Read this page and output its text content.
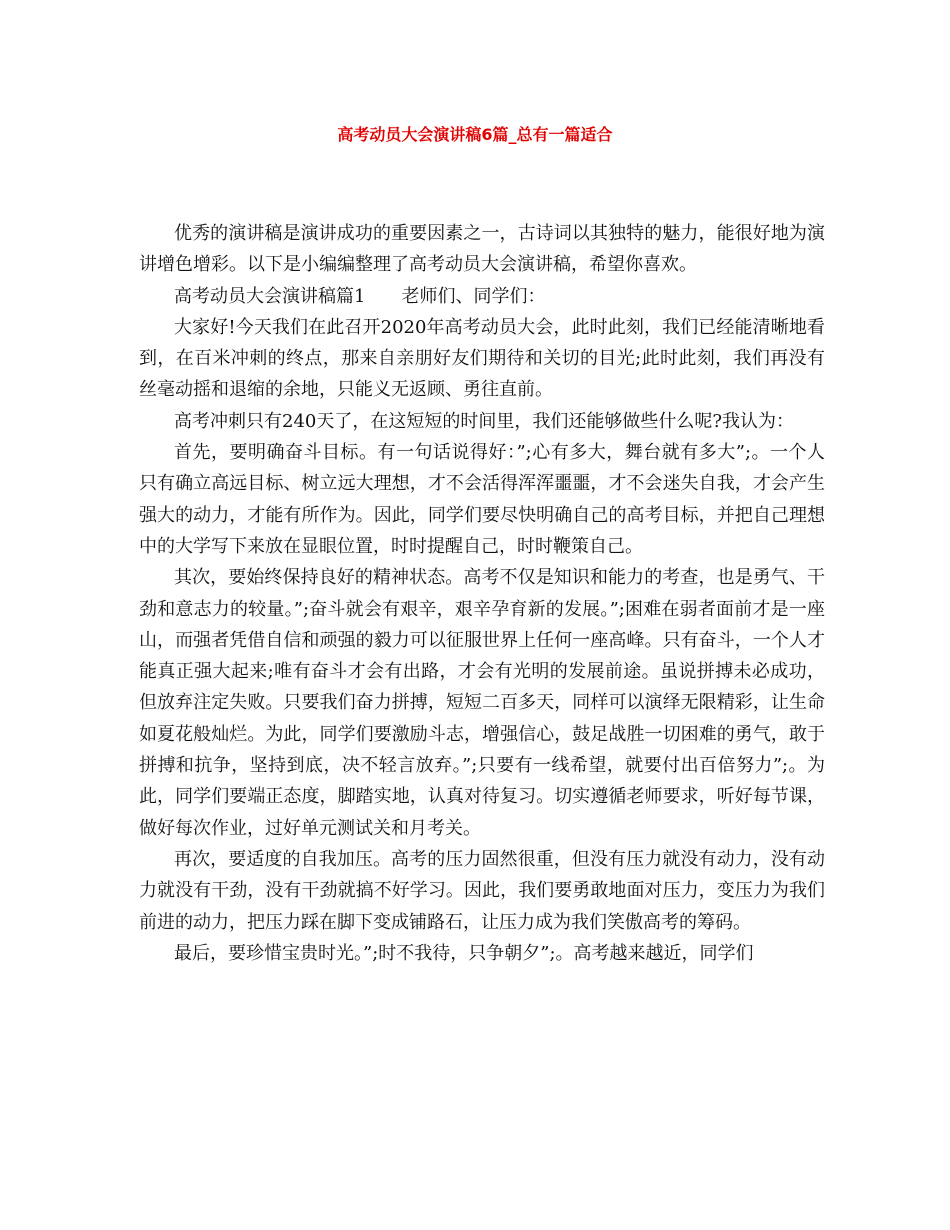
高考动员大会演讲稿6篇_总有一篇适合

优秀的演讲稿是演讲成功的重要因素之一，古诗词以其独特的魅力，能很好地为演讲增色增彩。以下是小编编整理了高考动员大会演讲稿，希望你喜欢。

高考动员大会演讲稿篇1　　老师们、同学们：

大家好!今天我们在此召开2020年高考动员大会，此时此刻，我们已经能清晰地看到，在百米冲刺的终点，那来自亲朋好友们期待和关切的目光;此时此刻，我们再没有丝毫动摇和退缩的余地，只能义无返顾、勇往直前。

高考冲刺只有240天了，在这短短的时间里，我们还能够做些什么呢?我认为：

首先，要明确奋斗目标。有一句话说得好：”;心有多大，舞台就有多大”;。一个人只有确立高远目标、树立远大理想，才不会活得浑浑噩噩，才不会迷失自我，才会产生强大的动力，才能有所作为。因此，同学们要尽快明确自己的高考目标，并把自己理想中的大学写下来放在显眼位置，时时提醒自己，时时鞭策自己。

其次，要始终保持良好的精神状态。高考不仅是知识和能力的考查，也是勇气、干劲和意志力的较量。”;奋斗就会有艰辛，艰辛孕育新的发展。”;困难在弱者面前才是一座山，而强者凭借自信和顽强的毅力可以征服世界上任何一座高峰。只有奋斗，一个人才能真正强大起来;唯有奋斗才会有出路，才会有光明的发展前途。虽说拼搏未必成功，但放弃注定失败。只要我们奋力拼搏，短短二百多天，同样可以演绎无限精彩，让生命如夏花般灿烂。为此，同学们要激励斗志，增强信心，鼓足战胜一切困难的勇气，敢于拼搏和抗争，坚持到底，决不轻言放弃。”;只要有一线希望，就要付出百倍努力”;。为此，同学们要端正态度，脚踏实地，认真对待复习。切实遵循老师要求，听好每节课，做好每次作业，过好单元测试关和月考关。

再次，要适度的自我加压。高考的压力固然很重，但没有压力就没有动力，没有动力就没有干劲，没有干劲就搞不好学习。因此，我们要勇敢地面对压力，变压力为我们前进的动力，把压力踩在脚下变成铺路石，让压力成为我们笑傲高考的筹码。

最后，要珍惜宝贵时光。”;时不我待，只争朝夕”;。高考越来越近，同学们
